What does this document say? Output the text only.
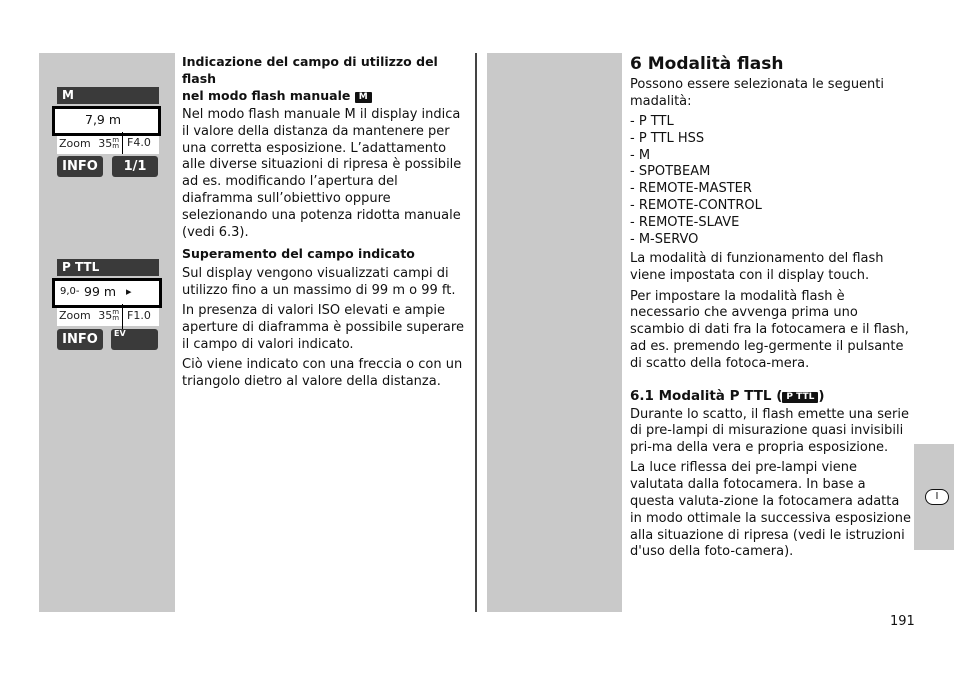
M
7,9 m
Zoom 35m
m F4.0
INFO	1/1
P TTL
9,0- 99 m ▸
Zoom 35m
m F1.0
INFO	EV
Indicazione del campo di utilizzo del flash
nel modo flash manuale M

Nel modo flash manuale M il display indica il valore della distanza da mantenere per una corretta esposizione. L’adattamento alle diverse situazioni di ripresa è possibile ad es. modificando l’apertura del diaframma sull’obiettivo oppure selezionando una potenza ridotta manuale (vedi 6.3).

Superamento del campo indicato

Sul display vengono visualizzati campi di utilizzo fino a un massimo di 99 m o 99 ft.

In presenza di valori ISO elevati e ampie aperture di diaframma è possibile superare il campo di valori indicato.

Ciò viene indicato con una freccia o con un triangolo dietro al valore della distanza.

6 Modalità flash

Possono essere selezionata le seguenti madalità:

- P TTL
- P TTL HSS
- M
- SPOTBEAM
- REMOTE-MASTER
- REMOTE-CONTROL
- REMOTE-SLAVE
- M-SERVO

La modalità di funzionamento del flash viene impostata con il display touch.

Per impostare la modalità flash è necessario che avvenga prima uno scambio di dati fra la fotocamera e il flash, ad es. premendo leg-germente il pulsante di scatto della fotoca-mera.

6.1 Modalità P TTL ( P TTL )

Durante lo scatto, il flash emette una serie di pre-lampi di misurazione quasi invisibili pri-ma della vera e propria esposizione.

La luce riflessa dei pre-lampi viene valutata dalla fotocamera. In base a questa valuta-zione la fotocamera adatta in modo ottimale la successiva esposizione alla situazione di ripresa (vedi le istruzioni d'uso della foto-camera).

I
191
